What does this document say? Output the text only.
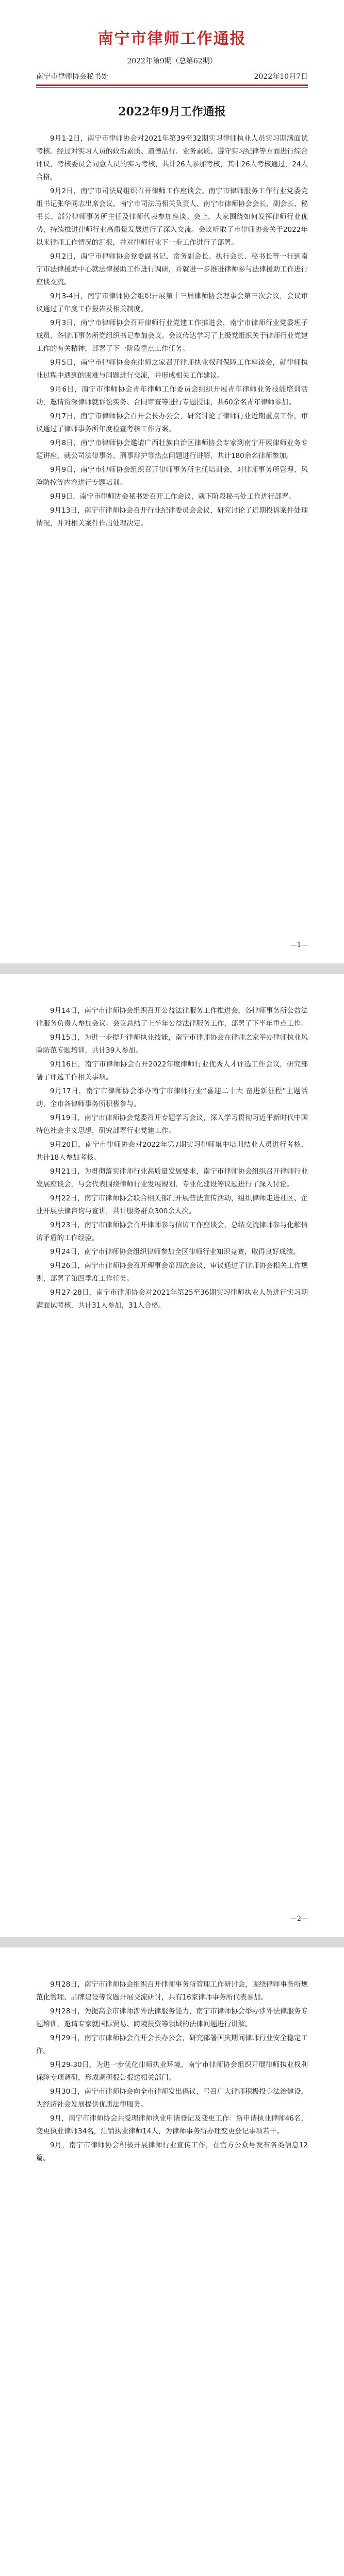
南宁市律师工作通报
2022年第9期（总第62期）
南宁市律师协会秘书处	2022年10月7日
2022年9月工作通报

9月1-2日，南宁市律师协会对2021年第39至32期实习律师执业人员实习期满面试考核。经过对实习人员的政治素质、道德品行、业务素质、遵守实习纪律等方面进行综合评议，考核委员会同意人员的实习考核，共计26人参加考核，其中26人考核通过，24人合格。

9月2日，南宁市司法局组织召开律师工作座谈会。南宁市律师服务工作行业党委党组书记张华同志出席会议。南宁市司法局相关负责人、南宁市律师协会会长、副会长、秘书长、部分律师事务所主任及律师代表参加座谈。会上，大家围绕如何发挥律师行业优势，持续推进律师行业高质量发展进行了深入交流。会议听取了市律师协会关于2022年以来律师工作情况的汇报，并对律师行业下一步工作进行了部署。

9月2日，南宁市律师协会党委副书记、常务副会长、执行会长、秘书长等一行到南宁市法律援助中心就法律援助工作进行调研，并就进一步推进律师参与法律援助工作进行座谈交流。

9月3-4日，南宁市律师协会组织开展第十三届律师协会理事会第三次会议，会议审议通过了年度工作报告及相关制度。

9月3日，南宁市律师协会召开律师行业党建工作推进会，南宁市律师行业党委班子成员、各律师事务所党组织书记参加会议。会议传达学习了上级党组织关于律师行业党建工作的有关精神，部署了下一阶段重点工作任务。

9月5日，南宁市律师协会在律师之家召开律师执业权利保障工作座谈会，就律师执业过程中遇到的困难与问题进行交流，并形成相关工作建议。

9月6日，南宁市律师协会青年律师工作委员会组织开展青年律师业务技能培训活动，邀请资深律师就诉讼实务、合同审查等进行专题授课，共60余名青年律师参加。

9月7日，南宁市律师协会召开会长办公会，研究讨论了律师行业近期重点工作，审议通过了律师事务所年度检查考核工作方案。

9月8日，南宁市律师协会邀请广西壮族自治区律师协会专家到南宁开展律师业务专题讲座，就公司法律事务、刑事辩护等热点问题进行讲解，共计180余名律师参加。

9月9日，南宁市律师协会组织召开律师事务所主任培训会，对律师事务所管理、风险防控等内容进行专题培训。

9月9日，南宁市律师协会秘书处召开工作会议，就下阶段秘书处工作进行部署。

9月13日，南宁市律师协会召开行业纪律委员会会议，研究讨论了近期投诉案件处理情况，并对相关案件作出处理决定。

—1—

9月14日，南宁市律师协会组织召开公益法律服务工作推进会，各律师事务所公益法律服务负责人参加会议。会议总结了上半年公益法律服务工作，部署了下半年重点工作。

9月15日，为进一步提升律师执业技能，南宁市律师协会在律师之家举办律师执业风险防范专题培训，共计39人参加。

9月16日，南宁市律师协会召开2022年度律师行业优秀人才评选工作会议，研究部署了评选工作相关事项。

9月17日，南宁市律师协会举办南宁市律师行业“喜迎二十大 奋进新征程”主题活动，全市各律师事务所积极参与。

9月19日，南宁市律师协会党委召开专题学习会议，深入学习贯彻习近平新时代中国特色社会主义思想，研究部署行业党建工作。

9月20日，南宁市律师协会对2022年第7期实习律师集中培训结业人员进行考核，共计18人参加考核。

9月21日，为贯彻落实律师行业高质量发展要求，南宁市律师协会组织召开律师行业发展座谈会，与会代表围绕律师行业发展规划、专业化建设等议题进行了深入讨论。

9月22日，南宁市律师协会联合相关部门开展普法宣传活动，组织律师走进社区、企业开展法律咨询与宣讲，共计服务群众300余人次。

9月23日，南宁市律师协会召开律师参与信访工作座谈会，总结交流律师参与化解信访矛盾的工作经验。

9月24日，南宁市律师协会组织律师参加全区律师行业知识竞赛，取得良好成绩。

9月26日，南宁市律师协会召开理事会第四次会议，审议通过了律师协会相关工作规则，部署了第四季度工作任务。

9月27-28日，南宁市律师协会对2021年第25至36期实习律师执业人员进行实习期满面试考核，共计31人参加，31人合格。

—2—

9月28日，南宁市律师协会组织召开律师事务所管理工作研讨会，围绕律师事务所规范化管理、品牌建设等议题开展交流研讨，共有16家律师事务所代表参加。

9月28日，为提高全市律师涉外法律服务能力，南宁市律师协会举办涉外法律服务专题培训，邀请专家就国际贸易、跨境投资等领域的法律问题进行讲解。

9月29日，南宁市律师协会召开会长办公会，研究部署国庆期间律师行业安全稳定工作。

9月29-30日，为进一步优化律师执业环境，南宁市律师协会组织开展律师执业权利保障专项调研，形成调研报告报送相关部门。

9月30日，南宁市律师协会向全市律师发出倡议，号召广大律师积极投身法治建设，为经济社会发展提供优质法律服务。

9月，南宁市律师协会共受理律师执业申请登记及变更工作：新申请执业律师46名，变更执业律师34名，注销执业律师14人，为律师事务所办理变更登记事项若干。

9月，南宁市律师协会积极开展律师行业宣传工作，在官方公众号发布各类信息12篇。
